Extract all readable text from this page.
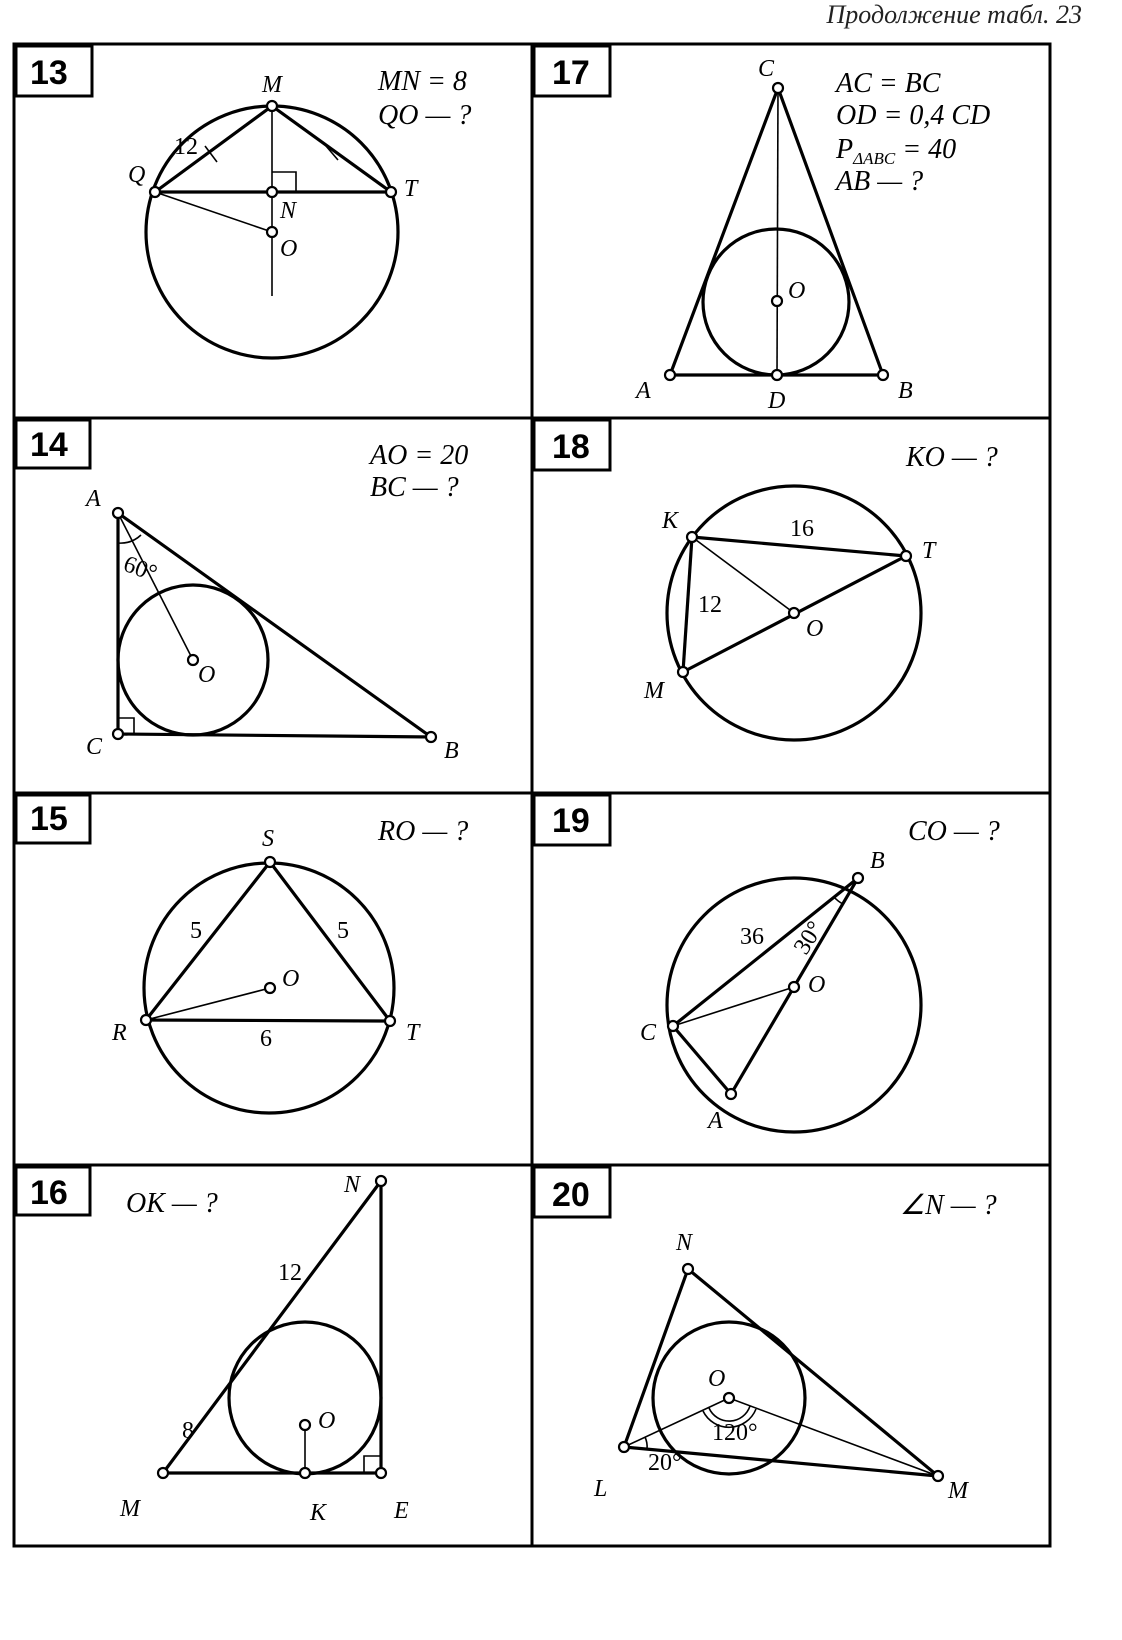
Продолжение табл. 23
13	MN = 8
QO — ?
M
Q
T
N
O
12
17	AC = BC
OD = 0,4 CD
$P_{\Delta ABC} = 40$
AB — ?
C
A	B
D
O
14	AO = 20
BC — ?
A
C	B
O
60°
18	KO — ?
K
T
M
O
16
12
15	RO — ?
S
R	T
O
5	5
6
19	CO — ?
B
C
A
O
36 30°
16 OK — ?
N
M	E
K
O
12
8
20	∠N — ?
N
L	M
O
20°
120°
